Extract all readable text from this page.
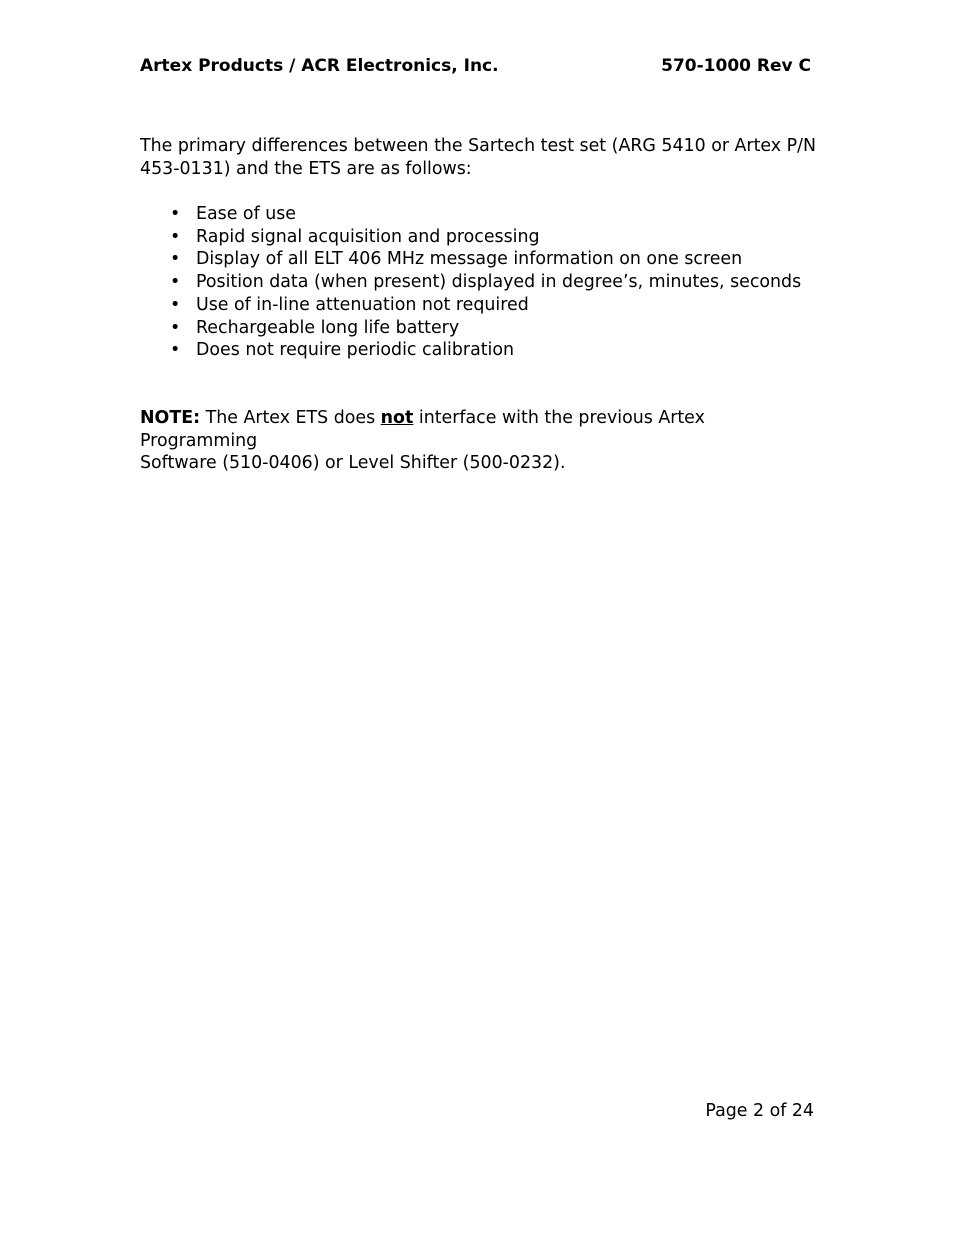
Artex Products / ACR Electronics, Inc.	570-1000 Rev C

The primary differences between the Sartech test set (ARG 5410 or Artex P/N
453-0131) and the ETS are as follows:

• Ease of use
• Rapid signal acquisition and processing
• Display of all ELT 406 MHz message information on one screen
• Position data (when present) displayed in degree’s, minutes, seconds
• Use of in-line attenuation not required
• Rechargeable long life battery
• Does not require periodic calibration

NOTE: The Artex ETS does not interface with the previous Artex Programming
Software (510-0406) or Level Shifter (500-0232).

Page 2 of 24
